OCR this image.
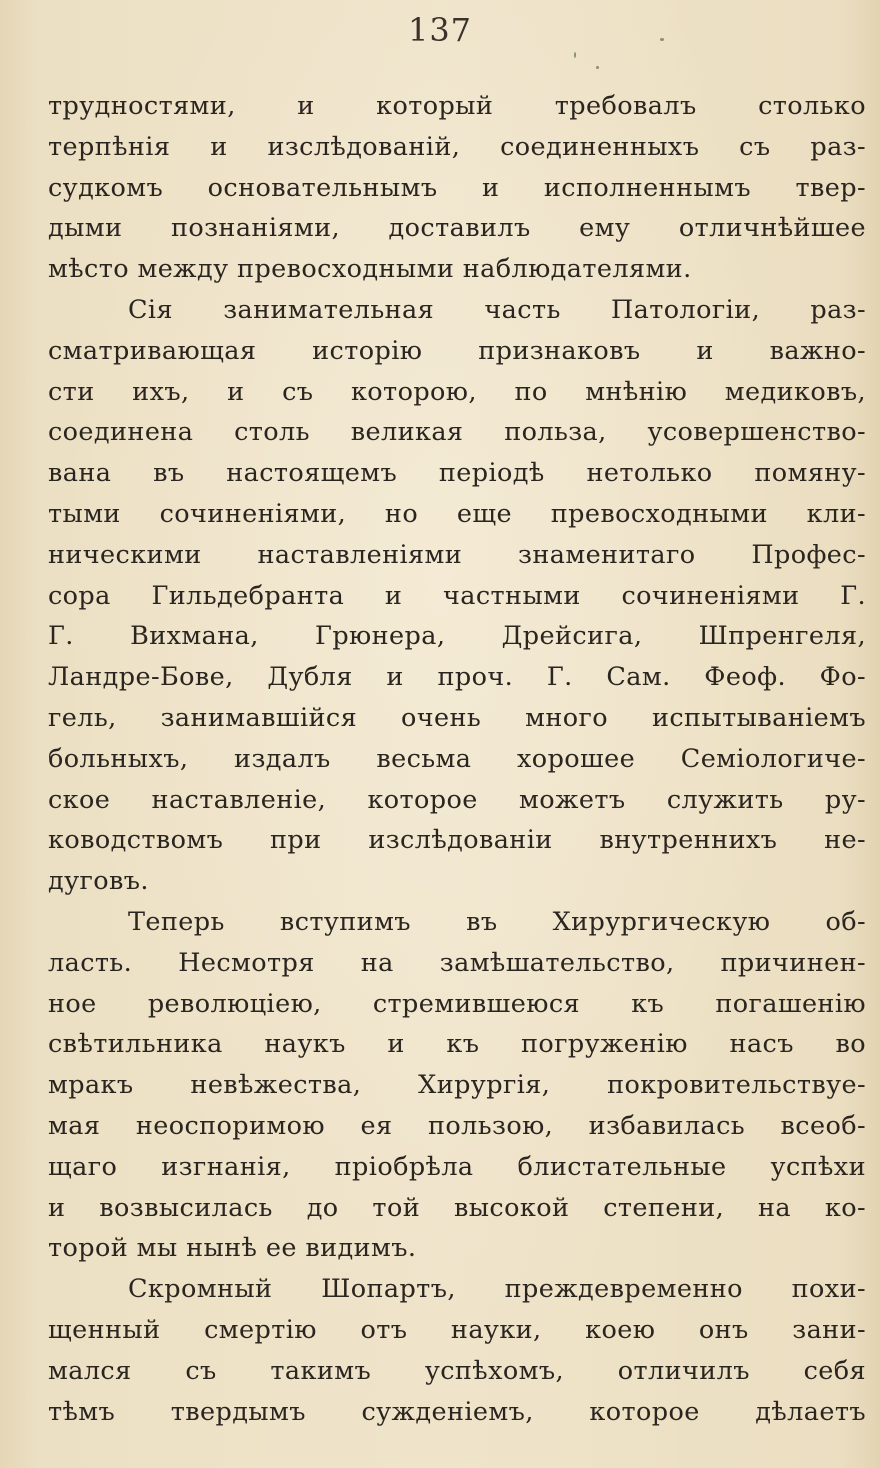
137
трудностями, и который требовалъ столько
терпѣнія и изслѣдованій, соединенныхъ съ раз-
судкомъ основательнымъ и исполненнымъ твер-
дыми познаніями, доставилъ ему отличнѣйшее
мѣсто между превосходными наблюдателями.
Сія занимательная часть Патологіи, раз-
сматривающая исторію признаковъ и важно-
сти ихъ, и съ которою, по мнѣнію медиковъ,
соединена столь великая польза, усовершенство-
вана въ настоящемъ періодѣ нетолько помяну-
тыми сочиненіями, но еще превосходными кли-
ническими наставленіями знаменитаго Профес-
сора Гильдебранта и частными сочиненіями Г.
Г. Вихмана, Грюнера, Дрейсига, Шпренгеля,
Ландре-Бове, Дубля и проч. Г. Сам. Феоф. Фо-
гель, занимавшійся очень много испытываніемъ
больныхъ, издалъ весьма хорошее Семіологиче-
ское наставленіе, которое можетъ служить ру-
ководствомъ при изслѣдованіи внутреннихъ не-
дуговъ.
Теперь вступимъ въ Хирургическую об-
ласть. Несмотря на замѣшательство, причинен-
ное революціею, стремившеюся къ погашенію
свѣтильника наукъ и къ погруженію насъ во
мракъ невѣжества, Хирургія, покровительствуе-
мая неоспоримою ея пользою, избавилась всеоб-
щаго изгнанія, пріобрѣла блистательные успѣхи
и возвысилась до той высокой степени, на ко-
торой мы нынѣ ее видимъ.
Скромный Шопартъ, преждевременно похи-
щенный смертію отъ науки, коею онъ зани-
мался съ такимъ успѣхомъ, отличилъ себя
тѣмъ твердымъ сужденіемъ, которое дѣлаетъ
